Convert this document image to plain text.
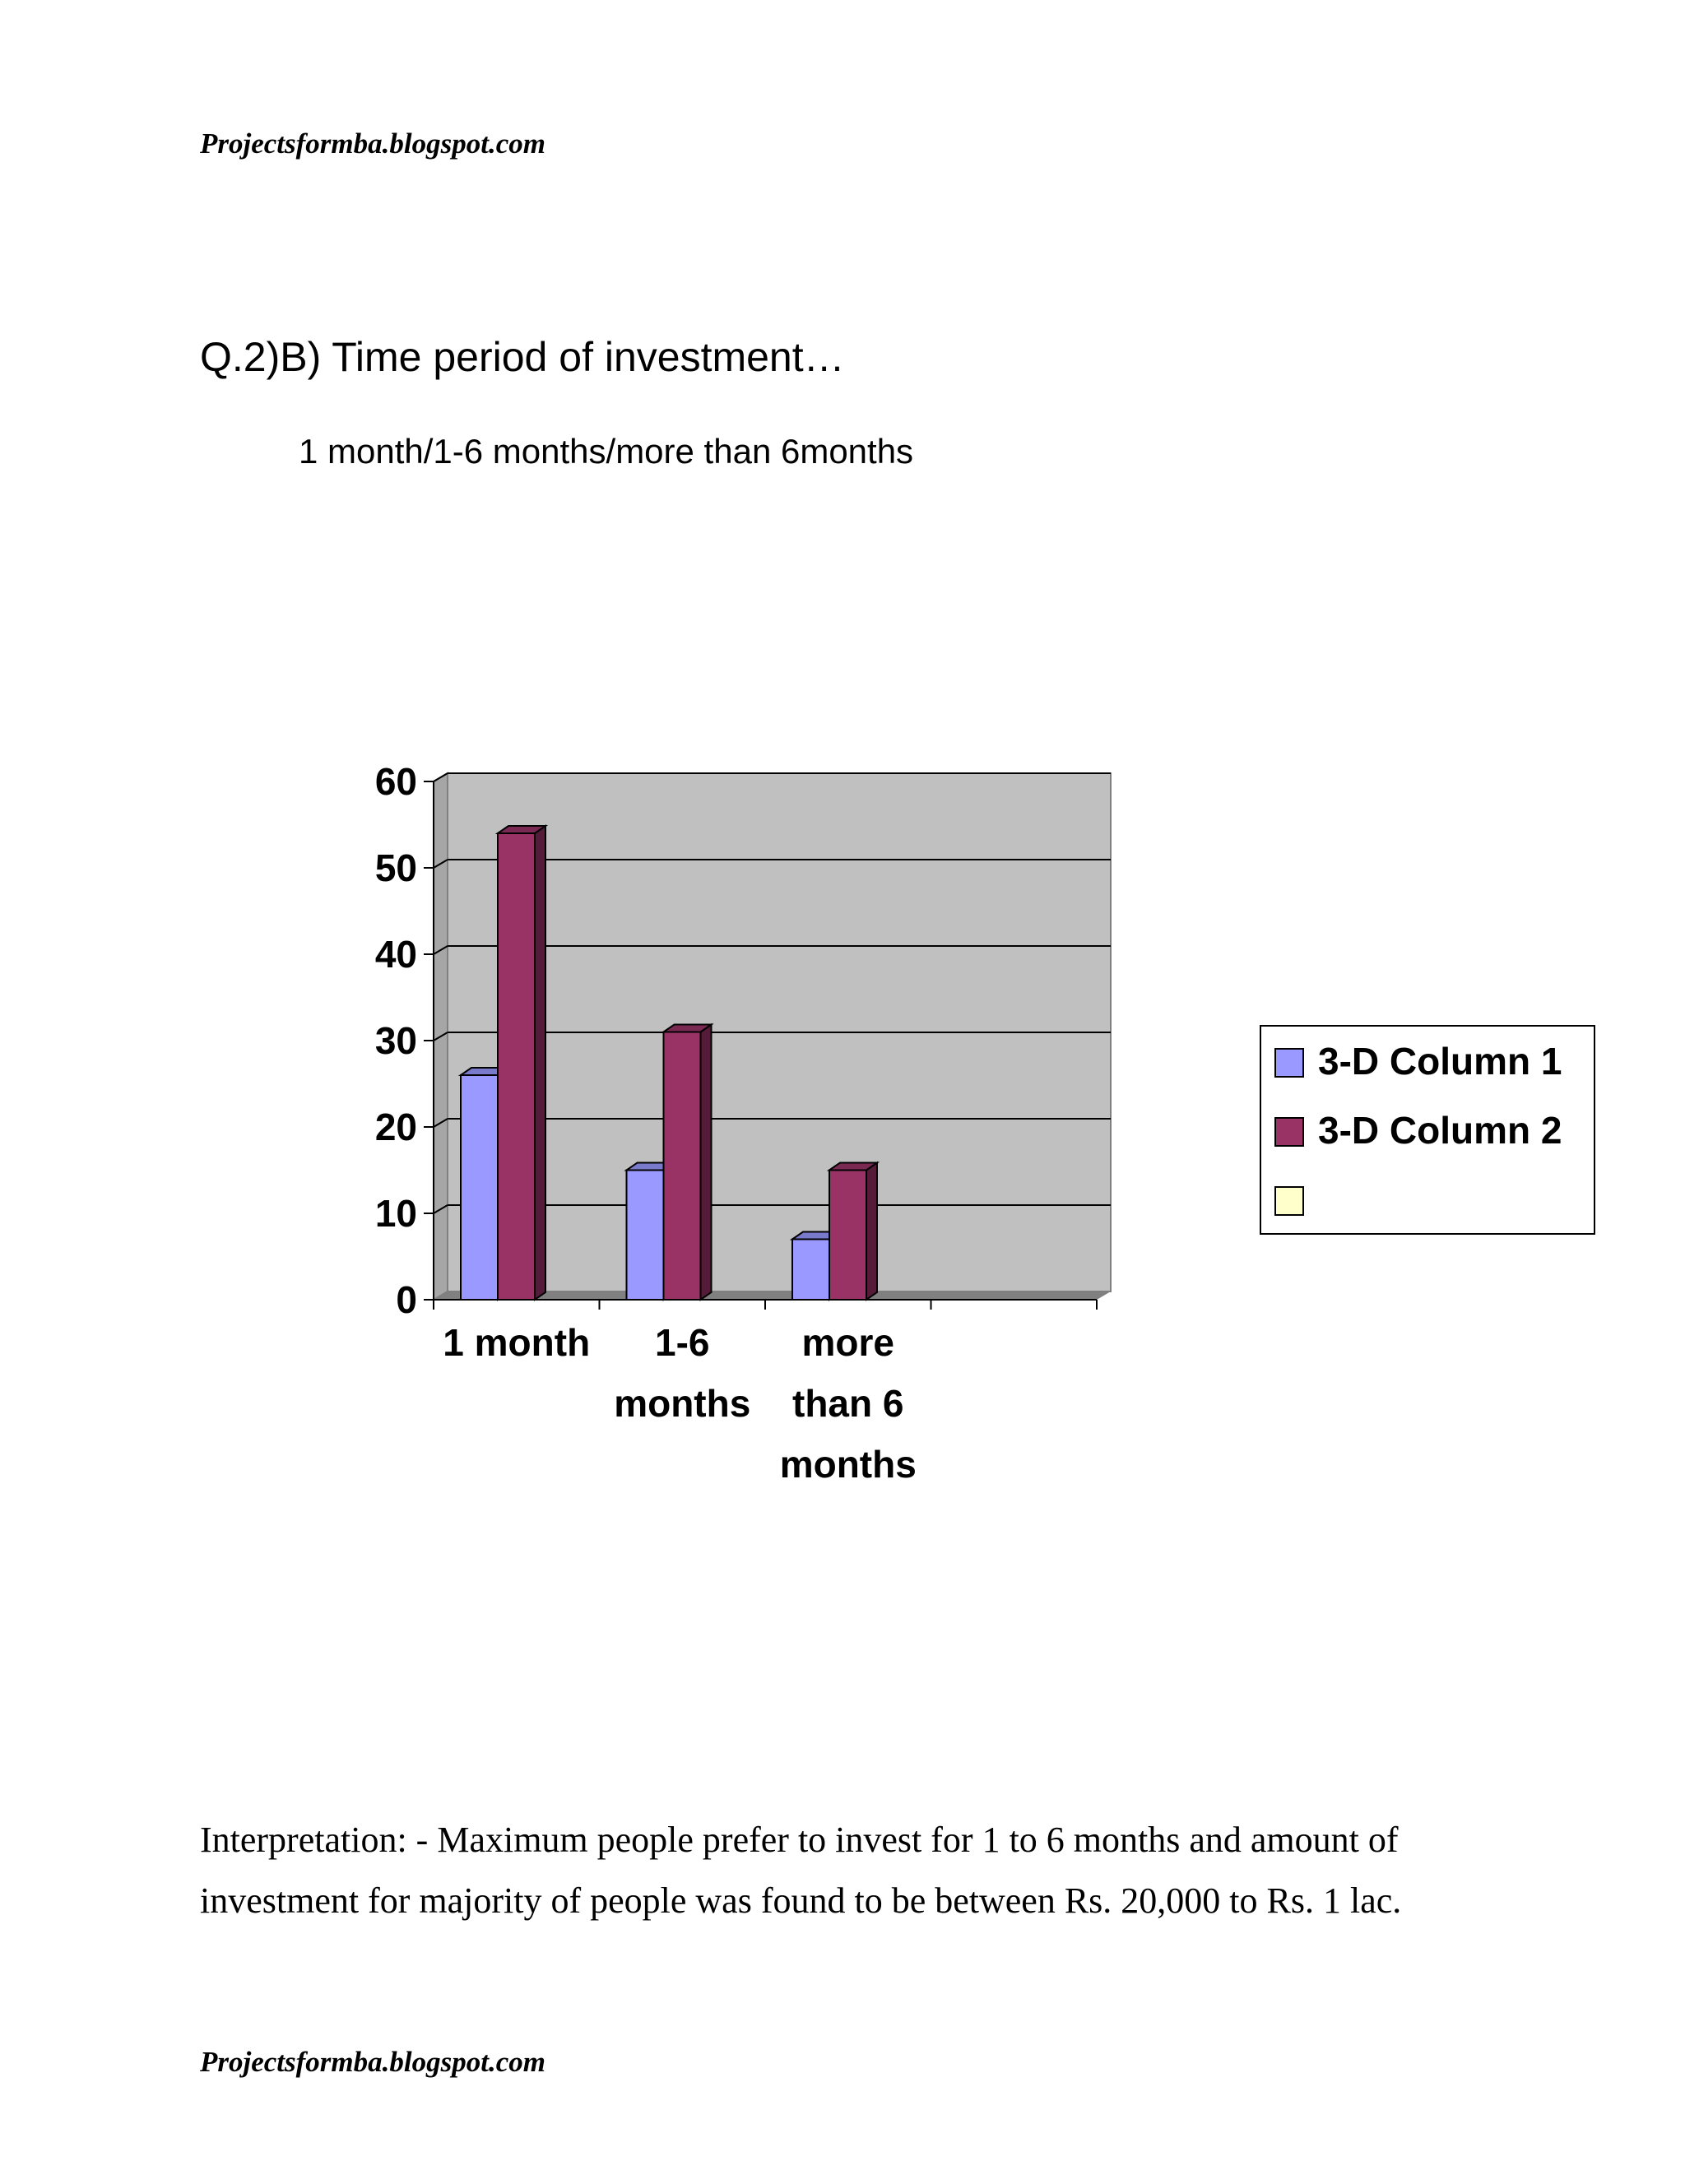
Projectsformba.blogspot.com

Q.2)B) Time period of investment…

1 month/1-6 months/more than 6months

0
10
20
30
40
50
60
1 month 1-6
months
more
than 6
months
3-D Column 1
3-D Column 2

Interpretation: - Maximum people prefer to invest for 1 to 6 months and amount of investment for majority of people was found to be between Rs. 20,000 to Rs. 1 lac.

Projectsformba.blogspot.com
